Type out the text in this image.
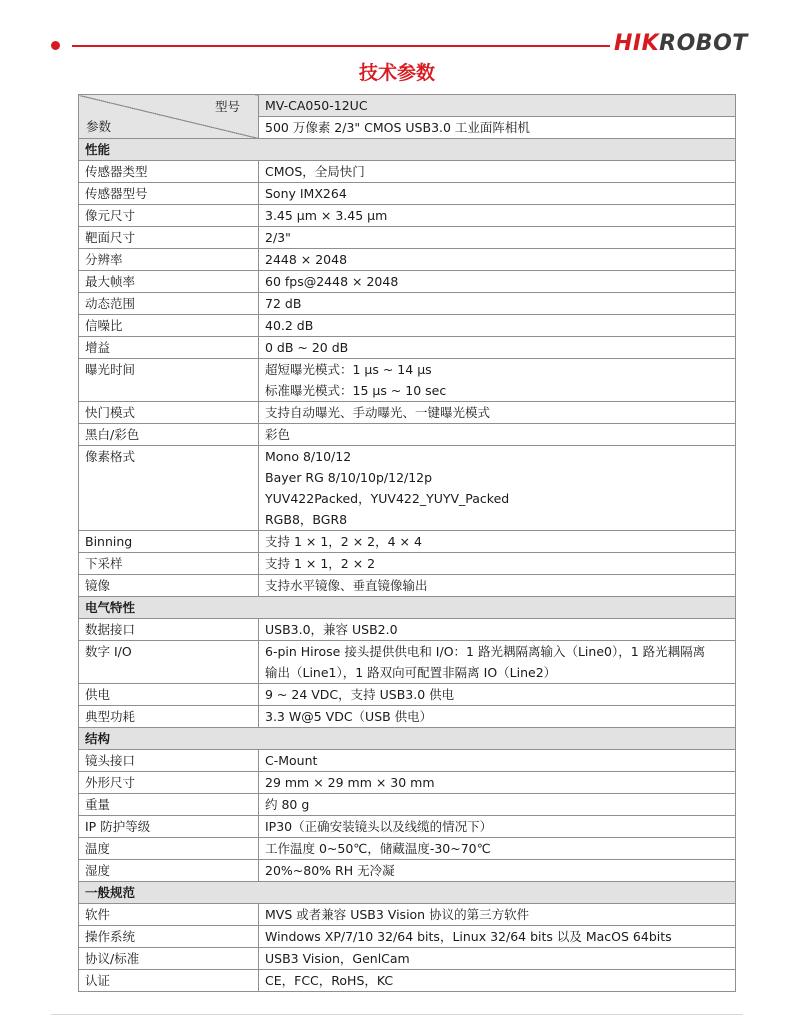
HIKROBOT
技术参数
型号
参数	MV-CA050-12UC
	500 万像素 2/3" CMOS USB3.0 工业面阵相机
性能	
传感器类型	CMOS，全局快门

传感器型号	Sony IMX264

像元尺寸	3.45 μm × 3.45 μm

靶面尺寸	2/3"

分辨率	2448 × 2048

最大帧率	60 fps@2448 × 2048

动态范围	72 dB

信噪比	40.2 dB

增益	0 dB ~ 20 dB

曝光时间	超短曝光模式：1 μs ~ 14 μs
标准曝光模式：15 μs ~ 10 sec

快门模式	支持自动曝光、手动曝光、一键曝光模式

黑白/彩色	彩色

像素格式	Mono 8/10/12
Bayer RG 8/10/10p/12/12p
YUV422Packed，YUV422_YUYV_Packed
RGB8，BGR8

Binning	支持 1 × 1，2 × 2，4 × 4

下采样	支持 1 × 1，2 × 2

镜像	支持水平镜像、垂直镜像输出

电气特性	
数据接口	USB3.0，兼容 USB2.0

数字 I/O	6-pin Hirose 接头提供供电和 I/O：1 路光耦隔离输入（Line0），1 路光耦隔离
输出（Line1），1 路双向可配置非隔离 IO（Line2）

供电	9 ~ 24 VDC，支持 USB3.0 供电

典型功耗	3.3 W@5 VDC（USB 供电）

结构	
镜头接口	C-Mount

外形尺寸	29 mm × 29 mm × 30 mm

重量	约 80 g

IP 防护等级	IP30（正确安装镜头以及线缆的情况下）

温度	工作温度 0~50℃，储藏温度-30~70℃

湿度	20%~80% RH 无冷凝

一般规范	
软件	MVS 或者兼容 USB3 Vision 协议的第三方软件

操作系统	Windows XP/7/10 32/64 bits，Linux 32/64 bits 以及 MacOS 64bits

协议/标准	USB3 Vision，GenlCam

认证	CE，FCC，RoHS，KC
